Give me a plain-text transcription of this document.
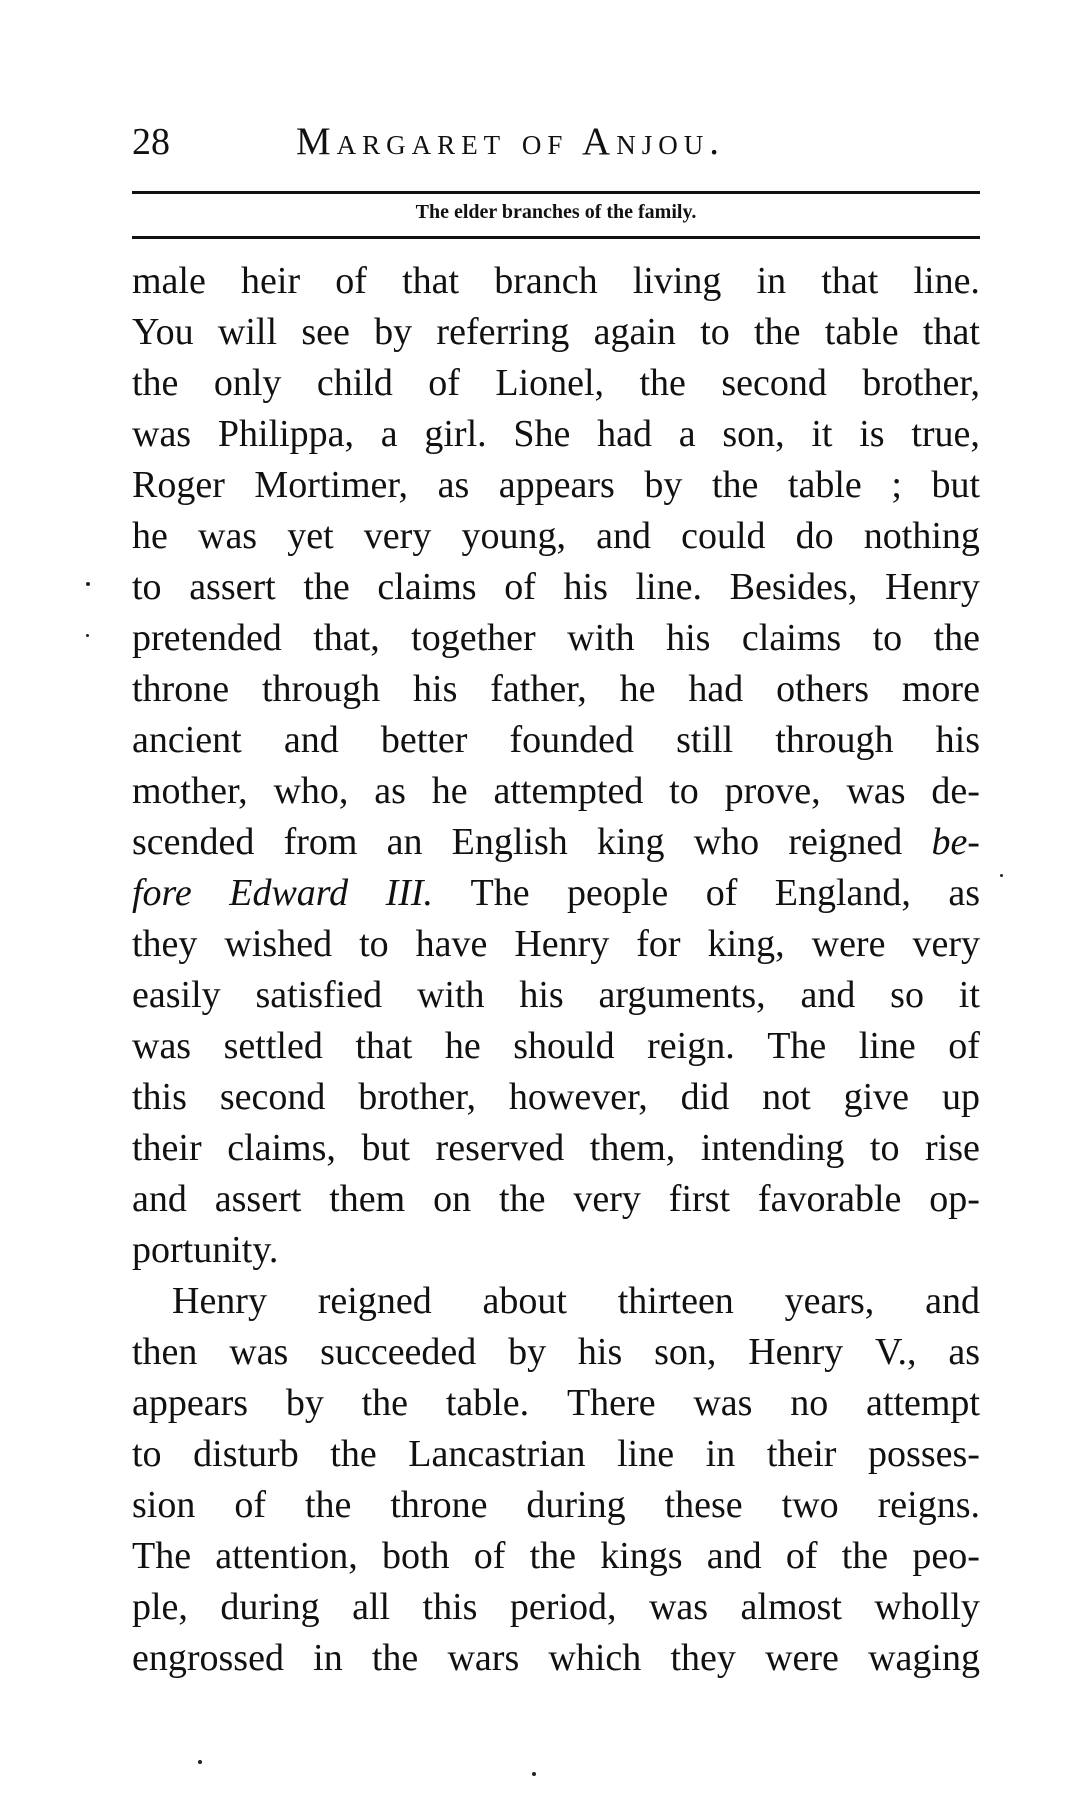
28	Margaret of Anjou.
The elder branches of the family.
male heir of that branch living in that line.
You will see by referring again to the table that
the only child of Lionel, the second brother,
was Philippa, a girl. She had a son, it is true,
Roger Mortimer, as appears by the table ; but
he was yet very young, and could do nothing
to assert the claims of his line. Besides, Henry
pretended that, together with his claims to the
throne through his father, he had others more
ancient and better founded still through his
mother, who, as he attempted to prove, was de-
scended from an English king who reigned be-
fore Edward III. The people of England, as
they wished to have Henry for king, were very
easily satisfied with his arguments, and so it
was settled that he should reign. The line of
this second brother, however, did not give up
their claims, but reserved them, intending to rise
and assert them on the very first favorable op-
portunity.
Henry reigned about thirteen years, and
then was succeeded by his son, Henry V., as
appears by the table. There was no attempt
to disturb the Lancastrian line in their posses-
sion of the throne during these two reigns.
The attention, both of the kings and of the peo-
ple, during all this period, was almost wholly
engrossed in the wars which they were waging
